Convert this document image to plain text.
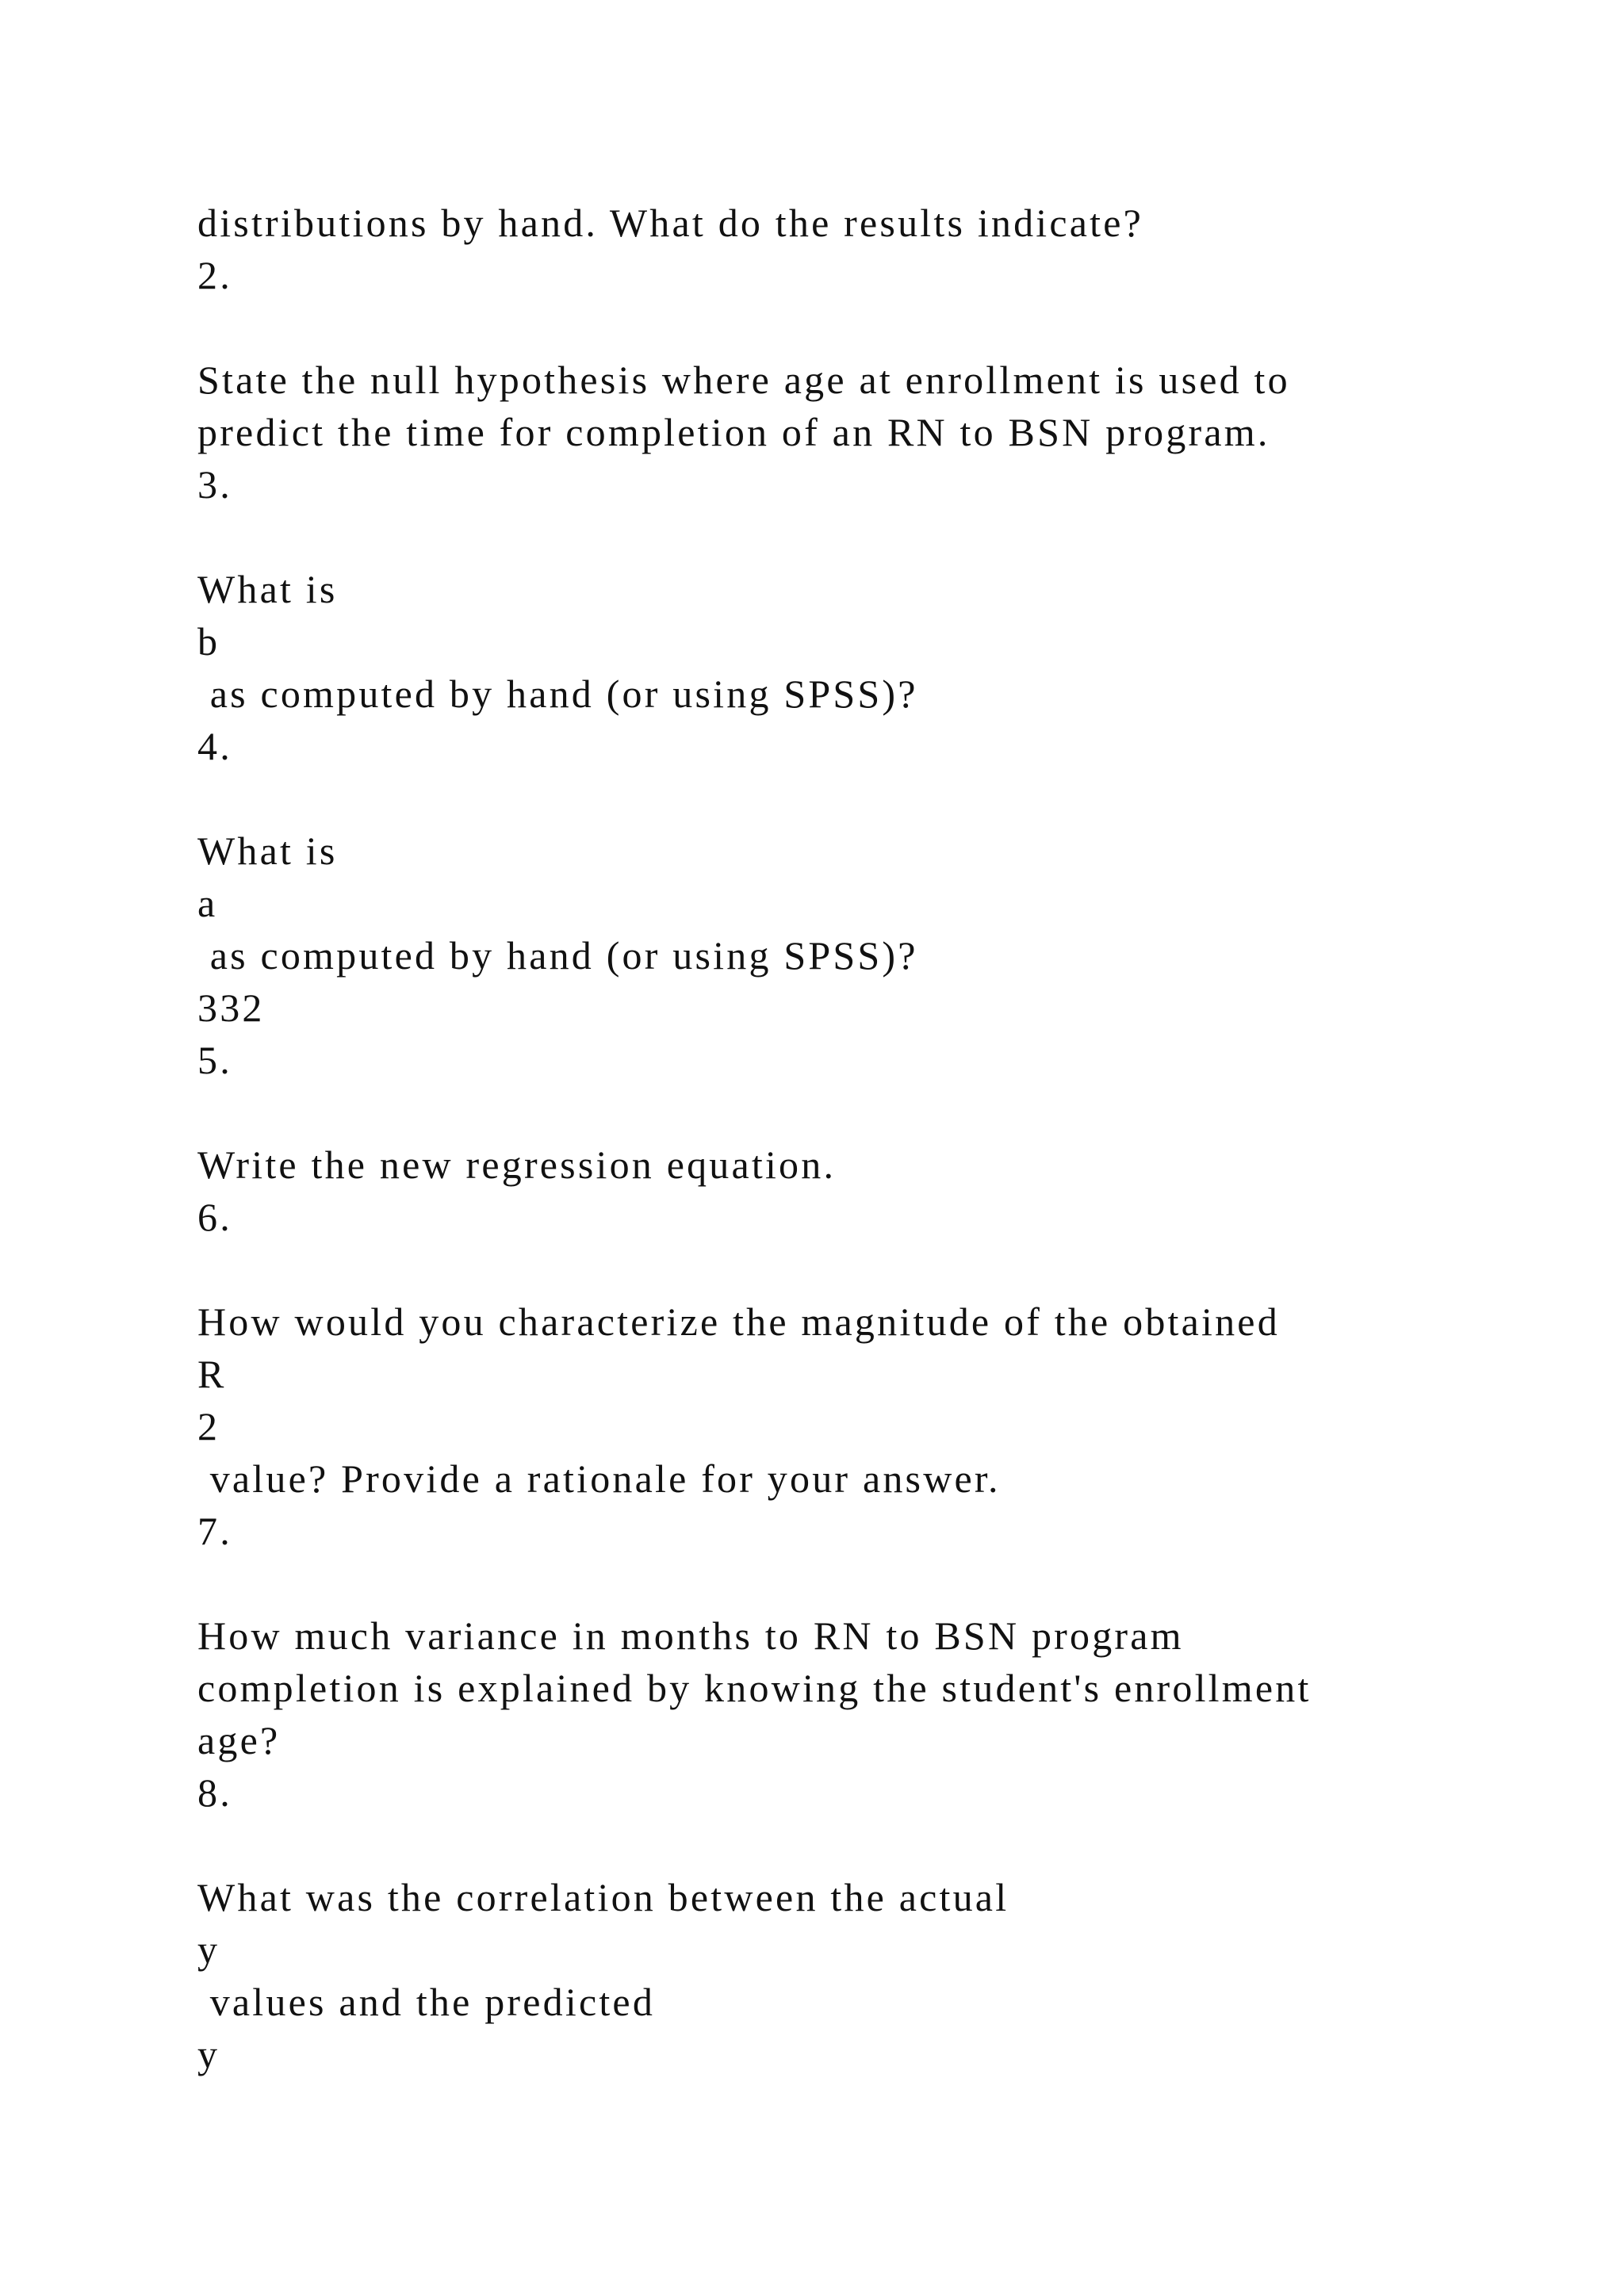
distributions by hand. What do the results indicate?

2.

State the null hypothesis where age at enrollment is used to

predict the time for completion of an RN to BSN program.

3.

What is

b

as computed by hand (or using SPSS)?

4.

What is

a

as computed by hand (or using SPSS)?

332

5.

Write the new regression equation.

6.

How would you characterize the magnitude of the obtained

R

2

value? Provide a rationale for your answer.

7.

How much variance in months to RN to BSN program

completion is explained by knowing the student's enrollment

age?

8.

What was the correlation between the actual

y

values and the predicted

y
